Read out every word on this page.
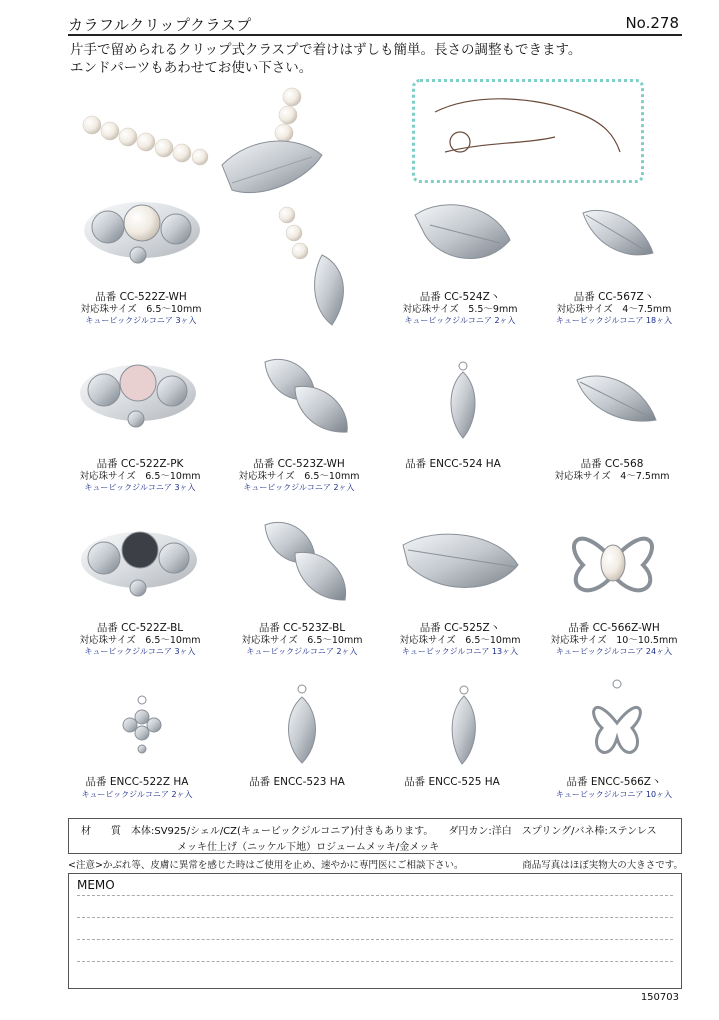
カラフルクリップクラスプ	No.278
片手で留められるクリップ式クラスプで着けはずしも簡単。長さの調整もできます。
エンドパーツもあわせてお使い下さい。
品番 CC-522Z-WH
対応珠サイズ　6.5～10mm
キュービックジルコニア 3ヶ入
品番 CC-524Z丶
対応珠サイズ　5.5～9mm
キュービックジルコニア 2ヶ入
品番 CC-567Z丶
対応珠サイズ　4～7.5mm
キュービックジルコニア 18ヶ入
品番 CC-522Z-PK
対応珠サイズ　6.5～10mm
キュービックジルコニア 3ヶ入
品番 CC-523Z-WH
対応珠サイズ　6.5～10mm
キュービックジルコニア 2ヶ入
品番 ENCC-524 HA	品番 CC-568
対応珠サイズ　4～7.5mm
品番 CC-522Z-BL
対応珠サイズ　6.5～10mm
キュービックジルコニア 3ヶ入
品番 CC-523Z-BL
対応珠サイズ　6.5～10mm
キュービックジルコニア 2ヶ入
品番 CC-525Z丶
対応珠サイズ　6.5～10mm
キュービックジルコニア 13ヶ入
品番 CC-566Z-WH
対応珠サイズ　10～10.5mm
キュービックジルコニア 24ヶ入
品番 ENCC-522Z HA
キュービックジルコニア 2ヶ入
品番 ENCC-523 HA	品番 ENCC-525 HA	品番 ENCC-566Z丶
キュービックジルコニア 10ヶ入
材　　質　本体:SV925/シェル/CZ(キュービックジルコニア)付きもあります。　　ダ円カン:洋白　スプリング/バネ棒:ステンレス
メッキ仕上げ（ニッケル下地）ロジュームメッキ/金メッキ
<注意>かぶれ等、皮膚に異常を感じた時はご使用を止め、速やかに専門医にご相談下さい。	商品写真はほぼ実物大の大きさです。
MEMO
150703
